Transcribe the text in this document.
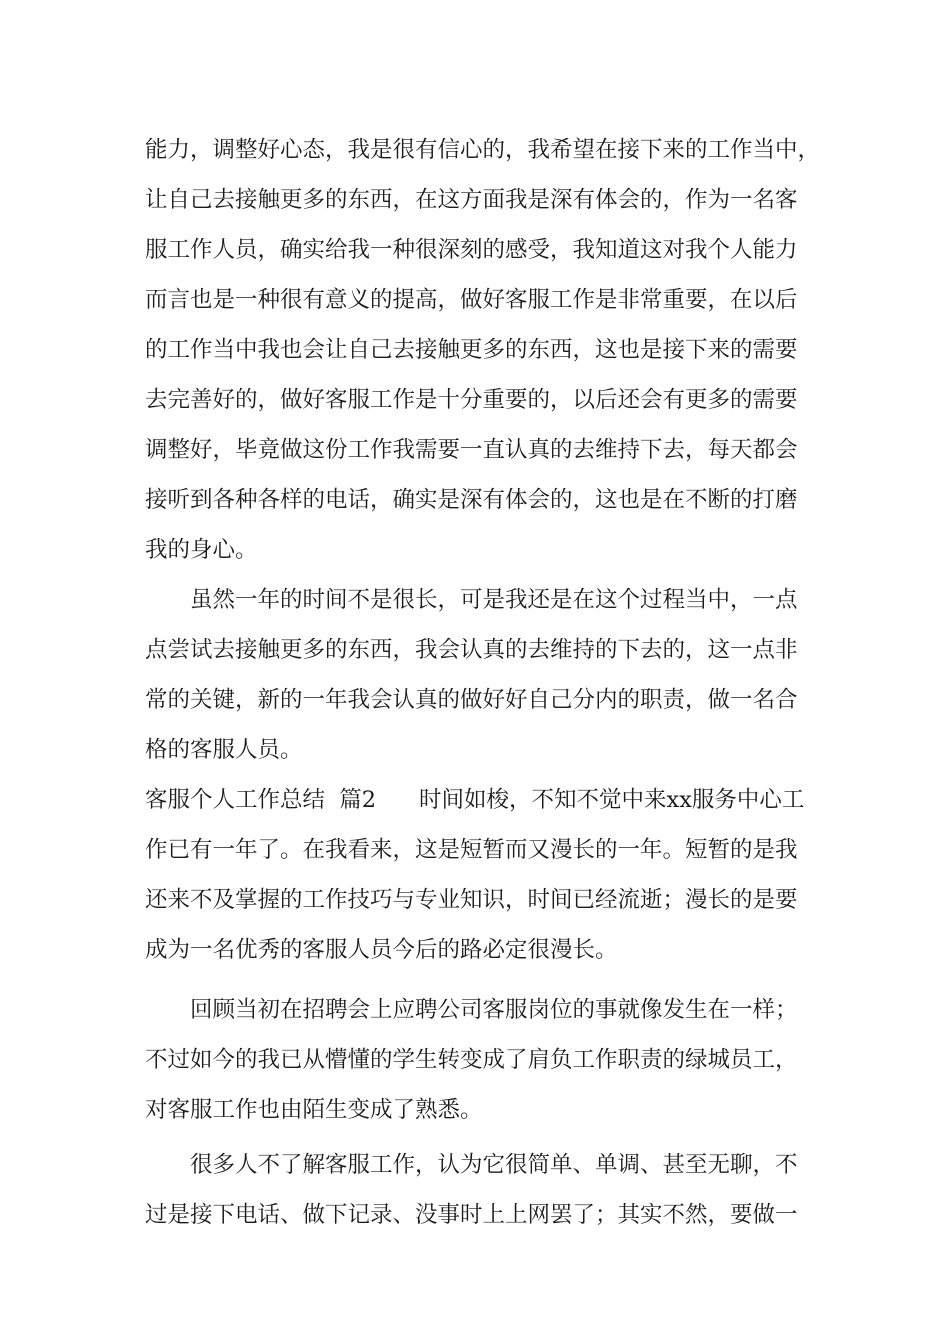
能力，调整好心态，我是很有信心的，我希望在接下来的工作当中，
让自己去接触更多的东西，在这方面我是深有体会的，作为一名客
服工作人员，确实给我一种很深刻的感受，我知道这对我个人能力
而言也是一种很有意义的提高，做好客服工作是非常重要，在以后
的工作当中我也会让自己去接触更多的东西，这也是接下来的需要
去完善好的，做好客服工作是十分重要的，以后还会有更多的需要
调整好，毕竟做这份工作我需要一直认真的去维持下去，每天都会
接听到各种各样的电话，确实是深有体会的，这也是在不断的打磨
我的身心。
虽然一年的时间不是很长，可是我还是在这个过程当中，一点
点尝试去接触更多的东西，我会认真的去维持的下去的，这一点非
常的关键，新的一年我会认真的做好好自己分内的职责，做一名合
格的客服人员。
客服个人工作总结  篇2      时间如梭，不知不觉中来xx服务中心工
作已有一年了。在我看来，这是短暂而又漫长的一年。短暂的是我
还来不及掌握的工作技巧与专业知识，时间已经流逝；漫长的是要
成为一名优秀的客服人员今后的路必定很漫长。
回顾当初在招聘会上应聘公司客服岗位的事就像发生在一样；
不过如今的我已从懵懂的学生转变成了肩负工作职责的绿城员工，
对客服工作也由陌生变成了熟悉。
很多人不了解客服工作，认为它很简单、单调、甚至无聊，不
过是接下电话、做下记录、没事时上上网罢了；其实不然，要做一
